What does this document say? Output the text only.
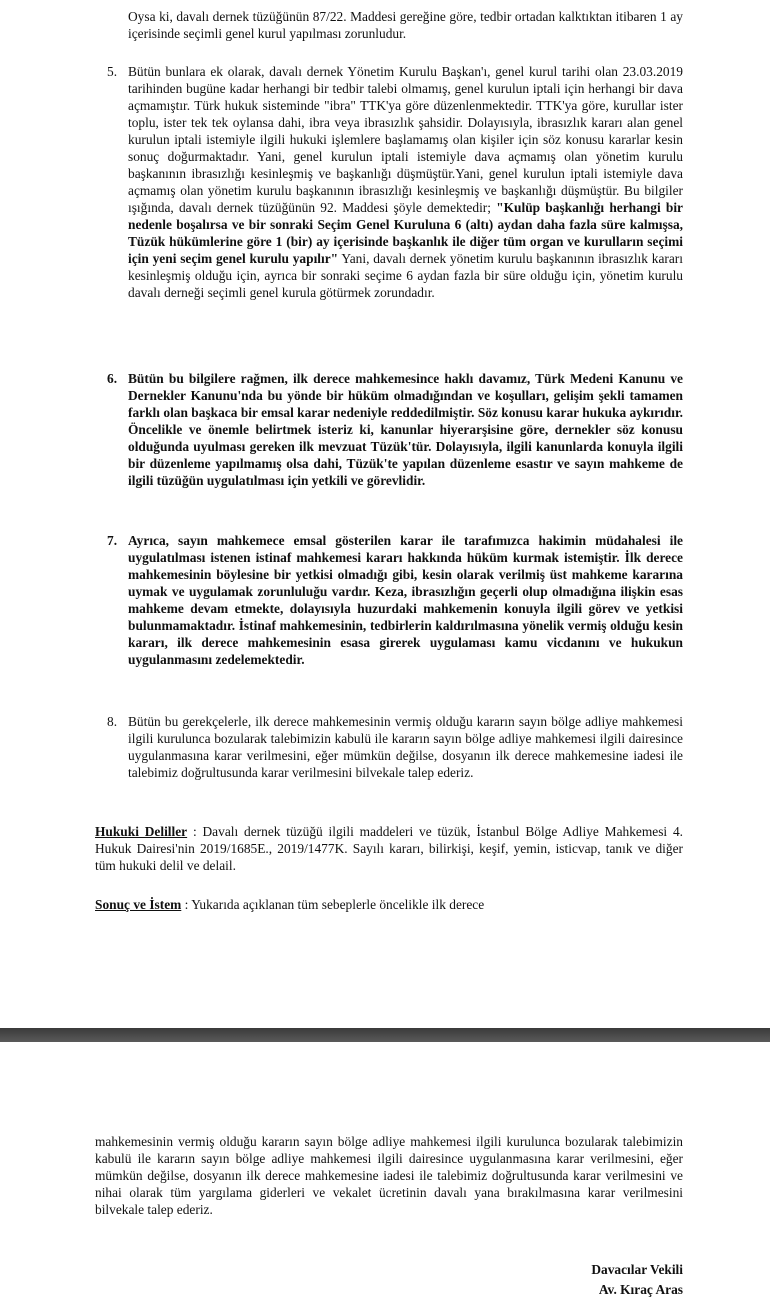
Oysa ki, davalı dernek tüzüğünün 87/22. Maddesi gereğine göre, tedbir ortadan kalktıktan itibaren 1 ay içerisinde seçimli genel kurul yapılması zorunludur.

5. Bütün bunlara ek olarak, davalı dernek Yönetim Kurulu Başkan'ı, genel kurul tarihi olan 23.03.2019 tarihinden bugüne kadar herhangi bir tedbir talebi olmamış, genel kurulun iptali için herhangi bir dava açmamıştır. Türk hukuk sisteminde "ibra" TTK'ya göre düzenlenmektedir. TTK'ya göre, kurullar ister toplu, ister tek tek oylansa dahi, ibra veya ibrasızlık şahsidir. Dolayısıyla, ibrasızlık kararı alan genel kurulun iptali istemiyle ilgili hukuki işlemlere başlamamış olan kişiler için söz konusu kararlar kesin sonuç doğurmaktadır. Yani, genel kurulun iptali istemiyle dava açmamış olan yönetim kurulu başkanının ibrasızlığı kesinleşmiş ve başkanlığı düşmüştür.Yani, genel kurulun iptali istemiyle dava açmamış olan yönetim kurulu başkanının ibrasızlığı kesinleşmiş ve başkanlığı düşmüştür. Bu bilgiler ışığında, davalı dernek tüzüğünün 92. Maddesi şöyle demektedir; "Kulüp başkanlığı herhangi bir nedenle boşalırsa ve bir sonraki Seçim Genel Kuruluna 6 (altı) aydan daha fazla süre kalmışsa, Tüzük hükümlerine göre 1 (bir) ay içerisinde başkanlık ile diğer tüm organ ve kurulların seçimi için yeni seçim genel kurulu yapılır" Yani, davalı dernek yönetim kurulu başkanının ibrasızlık kararı kesinleşmiş olduğu için, ayrıca bir sonraki seçime 6 aydan fazla bir süre olduğu için, yönetim kurulu davalı derneği seçimli genel kurula götürmek zorundadır.
6. Bütün bu bilgilere rağmen, ilk derece mahkemesince haklı davamız, Türk Medeni Kanunu ve Dernekler Kanunu'nda bu yönde bir hüküm olmadığından ve koşulları, gelişim şekli tamamen farklı olan başkaca bir emsal karar nedeniyle reddedilmiştir. Söz konusu karar hukuka aykırıdır. Öncelikle ve önemle belirtmek isteriz ki, kanunlar hiyerarşisine göre, dernekler söz konusu olduğunda uyulması gereken ilk mevzuat Tüzük'tür. Dolayısıyla, ilgili kanunlarda konuyla ilgili bir düzenleme yapılmamış olsa dahi, Tüzük'te yapılan düzenleme esastır ve sayın mahkeme de ilgili tüzüğün uygulatılması için yetkili ve görevlidir.
7. Ayrıca, sayın mahkemece emsal gösterilen karar ile tarafımızca hakimin müdahalesi ile uygulatılması istenen istinaf mahkemesi kararı hakkında hüküm kurmak istemiştir. İlk derece mahkemesinin böylesine bir yetkisi olmadığı gibi, kesin olarak verilmiş üst mahkeme kararına uymak ve uygulamak zorunluluğu vardır. Keza, ibrasızlığın geçerli olup olmadığına ilişkin esas mahkeme devam etmekte, dolayısıyla huzurdaki mahkemenin konuyla ilgili görev ve yetkisi bulunmamaktadır. İstinaf mahkemesinin, tedbirlerin kaldırılmasına yönelik vermiş olduğu kesin kararı, ilk derece mahkemesinin esasa girerek uygulaması kamu vicdanını ve hukukun uygulanmasını zedelemektedir.
8. Bütün bu gerekçelerle, ilk derece mahkemesinin vermiş olduğu kararın sayın bölge adliye mahkemesi ilgili kurulunca bozularak talebimizin kabulü ile kararın sayın bölge adliye mahkemesi ilgili dairesince uygulanmasına karar verilmesini, eğer mümkün değilse, dosyanın ilk derece mahkemesine iadesi ile talebimiz doğrultusunda karar verilmesini bilvekale talep ederiz.
Hukuki Deliller : Davalı dernek tüzüğü ilgili maddeleri ve tüzük, İstanbul Bölge Adliye Mahkemesi 4. Hukuk Dairesi'nin 2019/1685E., 2019/1477K. Sayılı kararı, bilirkişi, keşif, yemin, isticvap, tanık ve diğer tüm hukuki delil ve delail.
Sonuç ve İstem : Yukarıda açıklanan tüm sebeplerle öncelikle ilk derece

mahkemesinin vermiş olduğu kararın sayın bölge adliye mahkemesi ilgili kurulunca bozularak talebimizin kabulü ile kararın sayın bölge adliye mahkemesi ilgili dairesince uygulanmasına karar verilmesini, eğer mümkün değilse, dosyanın ilk derece mahkemesine iadesi ile talebimiz doğrultusunda karar verilmesini ve nihai olarak tüm yargılama giderleri ve vekalet ücretinin davalı yana bırakılmasına karar verilmesini bilvekale talep ederiz.

Davacılar Vekili
Av. Kıraç Aras
